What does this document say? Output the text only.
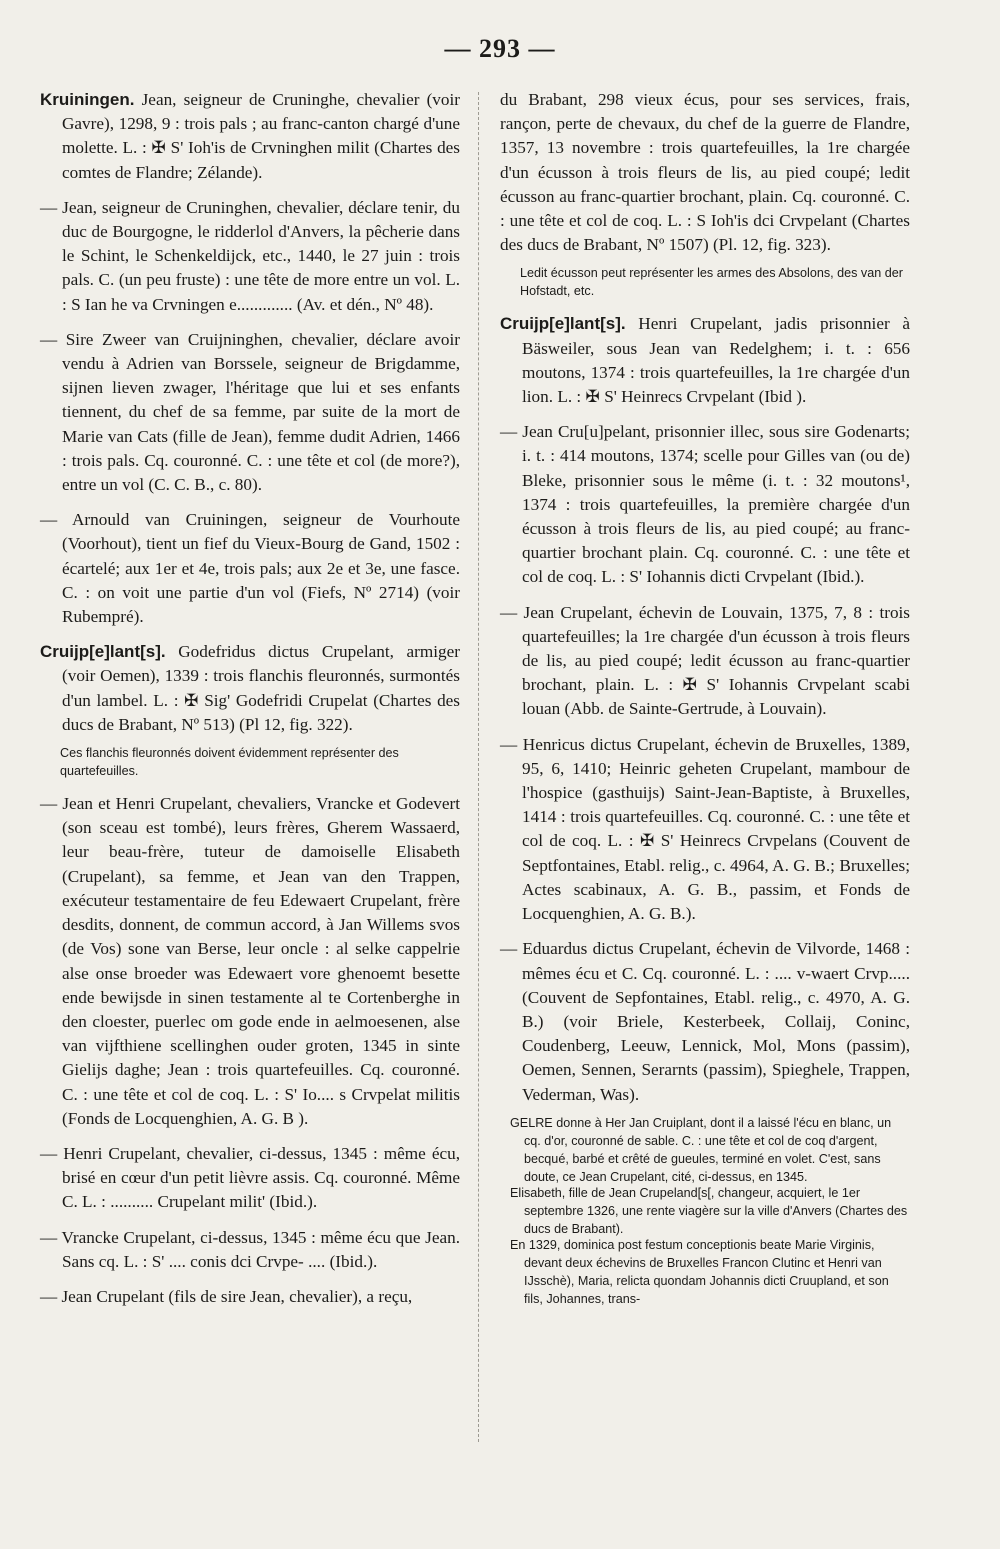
— 293 —

Kruiningen. Jean, seigneur de Cruninghe, chevalier (voir Gavre), 1298, 9 : trois pals ; au franc-canton chargé d'une molette. L. : ✠ S' Ioh'is de Crvninghen milit (Chartes des comtes de Flandre; Zélande).

— Jean, seigneur de Cruninghen, chevalier, déclare tenir, du duc de Bourgogne, le ridderlol d'Anvers, la pêcherie dans le Schint, le Schenkeldijck, etc., 1440, le 27 juin : trois pals. C. (un peu fruste) : une tête de more entre un vol. L. : S Ian he va Crvningen e............. (Av. et dén., Nº 48).

— Sire Zweer van Cruijninghen, chevalier, déclare avoir vendu à Adrien van Borssele, seigneur de Brigdamme, sijnen lieven zwager, l'héritage que lui et ses enfants tiennent, du chef de sa femme, par suite de la mort de Marie van Cats (fille de Jean), femme dudit Adrien, 1466 : trois pals. Cq. couronné. C. : une tête et col (de more?), entre un vol (C. C. B., c. 80).

— Arnould van Cruiningen, seigneur de Vourhoute (Voorhout), tient un fief du Vieux-Bourg de Gand, 1502 : écartelé; aux 1er et 4e, trois pals; aux 2e et 3e, une fasce. C. : on voit une partie d'un vol (Fiefs, Nº 2714) (voir Rubempré).

Cruijp[e]lant[s]. Godefridus dictus Crupelant, armiger (voir Oemen), 1339 : trois flanchis fleuronnés, surmontés d'un lambel. L. : ✠ Sig' Godefridi Crupelat (Chartes des ducs de Brabant, Nº 513) (Pl 12, fig. 322).

Ces flanchis fleuronnés doivent évidemment représenter des quartefeuilles.

— Jean et Henri Crupelant, chevaliers, Vrancke et Godevert (son sceau est tombé), leurs frères, Gherem Wassaerd, leur beau-frère, tuteur de damoiselle Elisabeth (Crupelant), sa femme, et Jean van den Trappen, exécuteur testamentaire de feu Edewaert Crupelant, frère desdits, donnent, de commun accord, à Jan Willems svos (de Vos) sone van Berse, leur oncle : al selke cappelrie alse onse broeder was Edewaert vore ghenoemt besette ende bewijsde in sinen testamente al te Cortenberghe in den cloester, puerlec om gode ende in aelmoesenen, alse van vijfthiene scellinghen ouder groten, 1345 in sinte Gielijs daghe; Jean : trois quartefeuilles. Cq. couronné. C. : une tête et col de coq. L. : S' Io.... s Crvpelat militis (Fonds de Locquenghien, A. G. B ).

— Henri Crupelant, chevalier, ci-dessus, 1345 : même écu, brisé en cœur d'un petit lièvre assis. Cq. couronné. Même C. L. : .......... Crupelant milit' (Ibid.).

— Vrancke Crupelant, ci-dessus, 1345 : même écu que Jean. Sans cq. L. : S' .... conis dci Crvpe- .... (Ibid.).

— Jean Crupelant (fils de sire Jean, chevalier), a reçu,

du Brabant, 298 vieux écus, pour ses services, frais, rançon, perte de chevaux, du chef de la guerre de Flandre, 1357, 13 novembre : trois quartefeuilles, la 1re chargée d'un écusson à trois fleurs de lis, au pied coupé; ledit écusson au franc-quartier brochant, plain. Cq. couronné. C. : une tête et col de coq. L. : S Ioh'is dci Crvpelant (Chartes des ducs de Brabant, Nº 1507) (Pl. 12, fig. 323).

Ledit écusson peut représenter les armes des Absolons, des van der Hofstadt, etc.

Cruijp[e]lant[s]. Henri Crupelant, jadis prisonnier à Bäsweiler, sous Jean van Redelghem; i. t. : 656 moutons, 1374 : trois quartefeuilles, la 1re chargée d'un lion. L. : ✠ S' Heinrecs Crvpelant (Ibid ).

— Jean Cru[u]pelant, prisonnier illec, sous sire Godenarts; i. t. : 414 moutons, 1374; scelle pour Gilles van (ou de) Bleke, prisonnier sous le même (i. t. : 32 moutons¹, 1374 : trois quartefeuilles, la première chargée d'un écusson à trois fleurs de lis, au pied coupé; au franc-quartier brochant plain. Cq. couronné. C. : une tête et col de coq. L. : S' Iohannis dicti Crvpelant (Ibid.).

— Jean Crupelant, échevin de Louvain, 1375, 7, 8 : trois quartefeuilles; la 1re chargée d'un écusson à trois fleurs de lis, au pied coupé; ledit écusson au franc-quartier brochant, plain. L. : ✠ S' Iohannis Crvpelant scabi louan (Abb. de Sainte-Gertrude, à Louvain).

— Henricus dictus Crupelant, échevin de Bruxelles, 1389, 95, 6, 1410; Heinric geheten Crupelant, mambour de l'hospice (gasthuijs) Saint-Jean-Baptiste, à Bruxelles, 1414 : trois quartefeuilles. Cq. couronné. C. : une tête et col de coq. L. : ✠ S' Heinrecs Crvpelans (Couvent de Septfontaines, Etabl. relig., c. 4964, A. G. B.; Bruxelles; Actes scabinaux, A. G. B., passim, et Fonds de Locquenghien, A. G. B.).

— Eduardus dictus Crupelant, échevin de Vilvorde, 1468 : mêmes écu et C. Cq. couronné. L. : .... v-waert Crvp..... (Couvent de Sepfontaines, Etabl. relig., c. 4970, A. G. B.) (voir Briele, Kesterbeek, Collaij, Coninc, Coudenberg, Leeuw, Lennick, Mol, Mons (passim), Oemen, Sennen, Serarnts (passim), Spieghele, Trappen, Vederman, Was).

GELRE donne à Her Jan Cruiplant, dont il a laissé l'écu en blanc, un cq. d'or, couronné de sable. C. : une tête et col de coq d'argent, becqué, barbé et crêté de gueules, terminé en volet. C'est, sans doute, ce Jean Crupelant, cité, ci-dessus, en 1345.

Elisabeth, fille de Jean Crupeland[s[, changeur, acquiert, le 1er septembre 1326, une rente viagère sur la ville d'Anvers (Chartes des ducs de Brabant).

En 1329, dominica post festum conceptionis beate Marie Virginis, devant deux échevins de Bruxelles Francon Clutinc et Henri van IJsschè), Maria, relicta quondam Johannis dicti Cruupland, et son fils, Johannes, trans-
